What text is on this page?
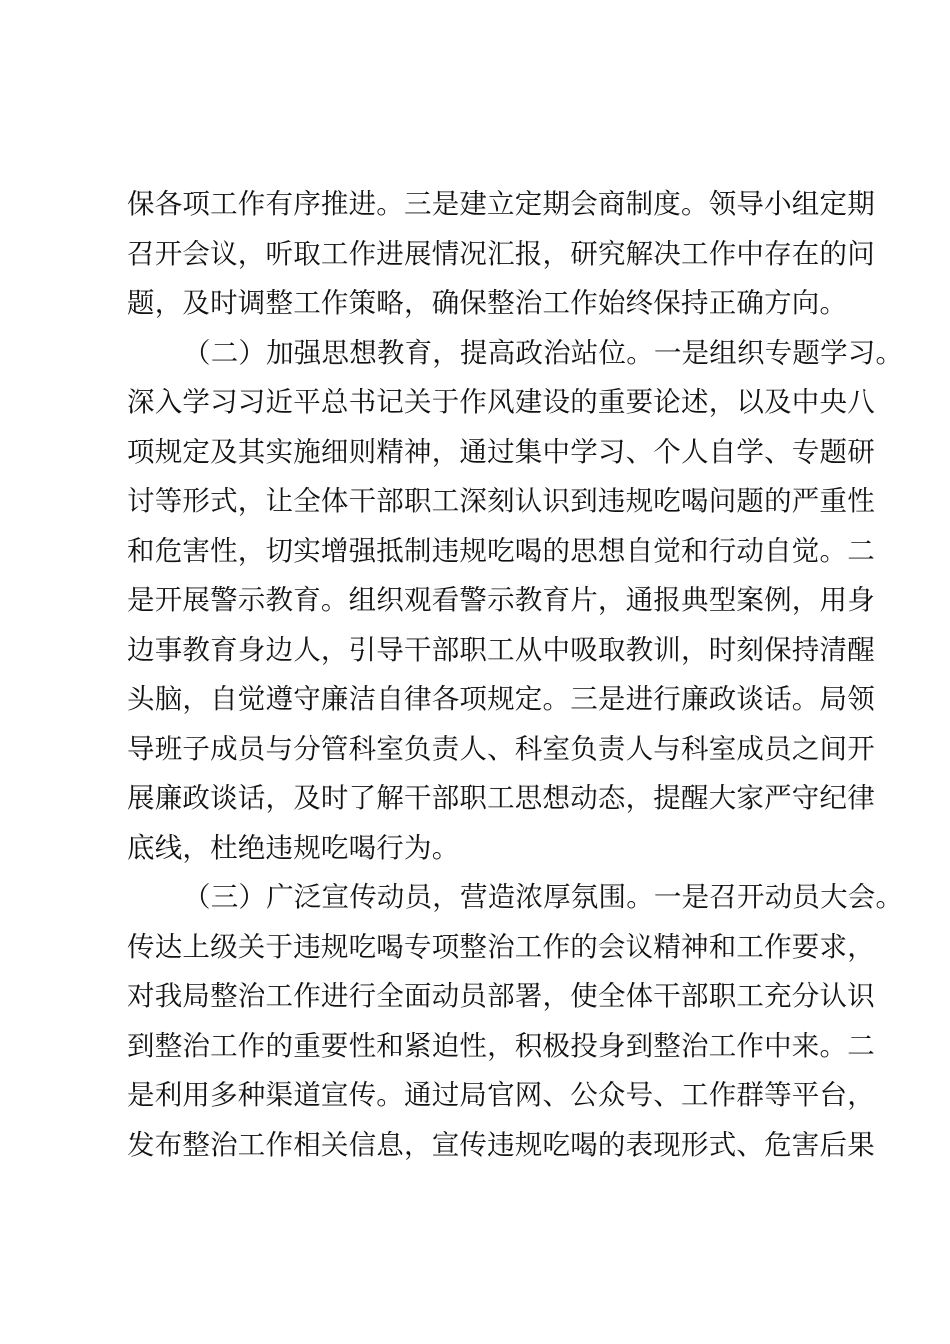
保各项工作有序推进。三是建立定期会商制度。领导小组定期
召开会议，听取工作进展情况汇报，研究解决工作中存在的问
题，及时调整工作策略，确保整治工作始终保持正确方向。
（二）加强思想教育，提高政治站位。一是组织专题学习。
深入学习习近平总书记关于作风建设的重要论述，以及中央八
项规定及其实施细则精神，通过集中学习、个人自学、专题研
讨等形式，让全体干部职工深刻认识到违规吃喝问题的严重性
和危害性，切实增强抵制违规吃喝的思想自觉和行动自觉。二
是开展警示教育。组织观看警示教育片，通报典型案例，用身
边事教育身边人，引导干部职工从中吸取教训，时刻保持清醒
头脑，自觉遵守廉洁自律各项规定。三是进行廉政谈话。局领
导班子成员与分管科室负责人、科室负责人与科室成员之间开
展廉政谈话，及时了解干部职工思想动态，提醒大家严守纪律
底线，杜绝违规吃喝行为。
（三）广泛宣传动员，营造浓厚氛围。一是召开动员大会。
传达上级关于违规吃喝专项整治工作的会议精神和工作要求，
对我局整治工作进行全面动员部署，使全体干部职工充分认识
到整治工作的重要性和紧迫性，积极投身到整治工作中来。二
是利用多种渠道宣传。通过局官网、公众号、工作群等平台，
发布整治工作相关信息，宣传违规吃喝的表现形式、危害后果
